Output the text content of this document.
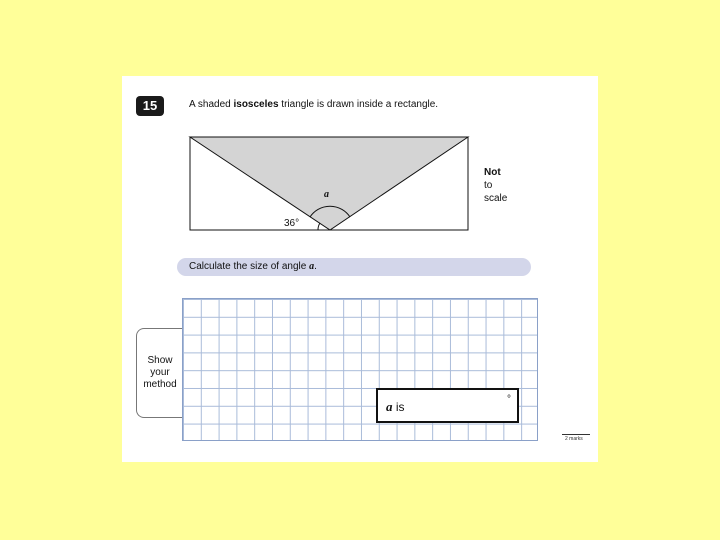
15	A shaded isosceles triangle is drawn inside a rectangle.
a
36°
Not
to
scale
Calculate the size of angle a.
Show
your
method
a is
°
2 marks
